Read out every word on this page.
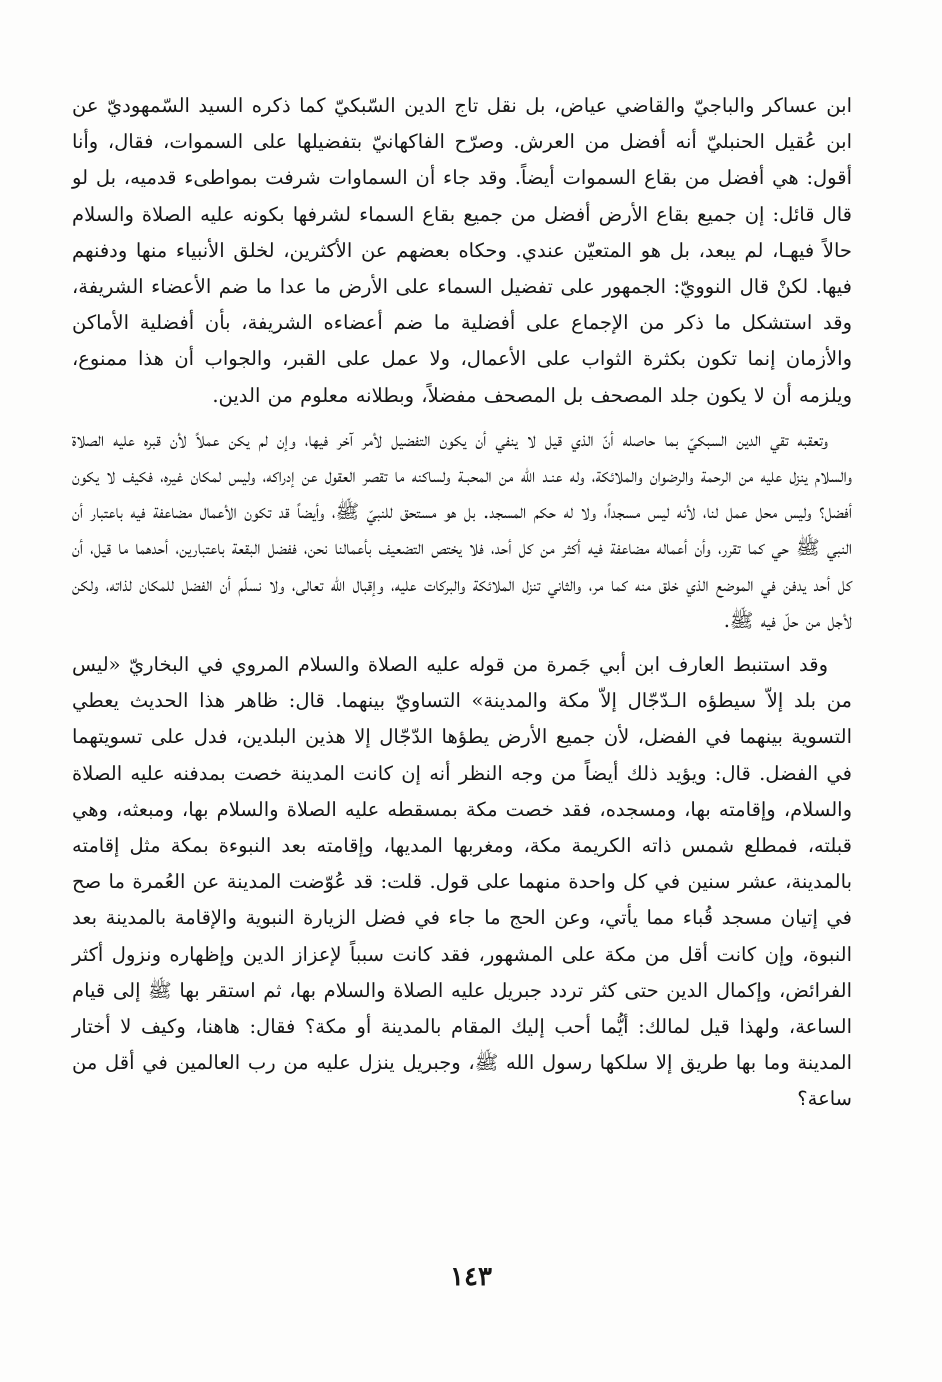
ابن عساكر والباجيّ والقاضي عياض، بل نقل تاج الدين السّبكيّ كما ذكره السيد السّمهوديّ عن ابن عُقيل الحنبليّ أنه أفضل من العرش. وصرّح الفاكهانيّ بتفضيلها على السموات، فقال، وأنا أقول: هي أفضل من بقاع السموات أيضاً. وقد جاء أن السماوات شرفت بمواطىء قدميه، بل لو قال قائل: إن جميع بقاع الأرض أفضل من جميع بقاع السماء لشرفها بكونه عليه الصلاة والسلام حالاً فيهـا، لم يبعد، بل هو المتعيّن عندي. وحكاه بعضهم عن الأكثرين، لخلق الأنبياء منها ودفنهم فيها. لكنْ قال النوويّ: الجمهور على تفضيل السماء على الأرض ما عدا ما ضم الأعضاء الشريفة، وقد استشكل ما ذكر من الإجماع على أفضلية ما ضم أعضاءه الشريفة، بأن أفضلية الأماكن والأزمان إنما تكون بكثرة الثواب على الأعمال، ولا عمل على القبر، والجواب أن هذا ممنوع، ويلزمه أن لا يكون جلد المصحف بل المصحف مفضلاً، وبطلانه معلوم من الدين.

وتعقبه تقي الدين السبكيّ بما حاصله أنّ الذي قيل لا ينفي أن يكون التفضيل لأمر آخر فيها، وإن لم يكن عملاً لأن قبره عليه الصلاة والسلام ينزل عليه من الرحمة والرضوان والملائكة، وله عنـد الله من المحبـة ولساكنه ما تقصر العقول عن إدراكه، وليس لمكان غيره، فكيف لا يكون أفضل؟ وليس محل عمل لنا، لأنه ليس مسجداً، ولا له حكم المسجد. بل هو مستحق للنبيّ ﷺ، وأيضاً قد تكون الأعمال مضاعفة فيه باعتبار أن النبي ﷺ حي كما تقرر، وأن أعماله مضاعفة فيه أكثر من كل أحد، فلا يختص التضعيف بأعمالنا نحن، ففضل البقعة باعتبارين، أحدهما ما قيل، أن كل أحد يدفن في الموضع الذي خلق منه كما مر، والثاني تنزل الملائكة والبركات عليه، وإقبال الله تعالى، ولا نسلّم أن الفضل للمكان لذاته، ولكن لأجل من حلّ فيه ﷺ.

وقد استنبط العارف ابن أبي جَمرة من قوله عليه الصلاة والسلام المروي في البخاريّ «ليس من بلد إلاّ سيطؤه الـدّجّال إلاّ مكة والمدينة» التساويّ بينهما. قال: ظاهر هذا الحديث يعطي التسوية بينهما في الفضل، لأن جميع الأرض يطؤها الدّجّال إلا هذين البلدين، فدل على تسويتهما في الفضل. قال: ويؤيد ذلك أيضاً من وجه النظر أنه إن كانت المدينة خصت بمدفنه عليه الصلاة والسلام، وإقامته بها، ومسجده، فقد خصت مكة بمسقطه عليه الصلاة والسلام بها، ومبعثه، وهي قبلته، فمطلع شمس ذاته الكريمة مكة، ومغربها المديها، وإقامته بعد النبوءة بمكة مثل إقامته بالمدينة، عشر سنين في كل واحدة منهما على قول. قلت: قد عُوّضت المدينة عن العُمرة ما صح في إتيان مسجد قُباء مما يأتي، وعن الحج ما جاء في فضل الزيارة النبوية والإقامة بالمدينة بعد النبوة، وإن كانت أقل من مكة على المشهور، فقد كانت سبباً لإعزاز الدين وإظهاره ونزول أكثر الفرائض، وإكمال الدين حتى كثر تردد جبريل عليه الصلاة والسلام بها، ثم استقر بها ﷺ إلى قيام الساعة، ولهذا قيل لمالك: أيُّما أحب إليك المقام بالمدينة أو مكة؟ فقال: هاهنا، وكيف لا أختار المدينة وما بها طريق إلا سلكها رسول الله ﷺ، وجبريل ينزل عليه من رب العالمين في أقل من ساعة؟

١٤٣
